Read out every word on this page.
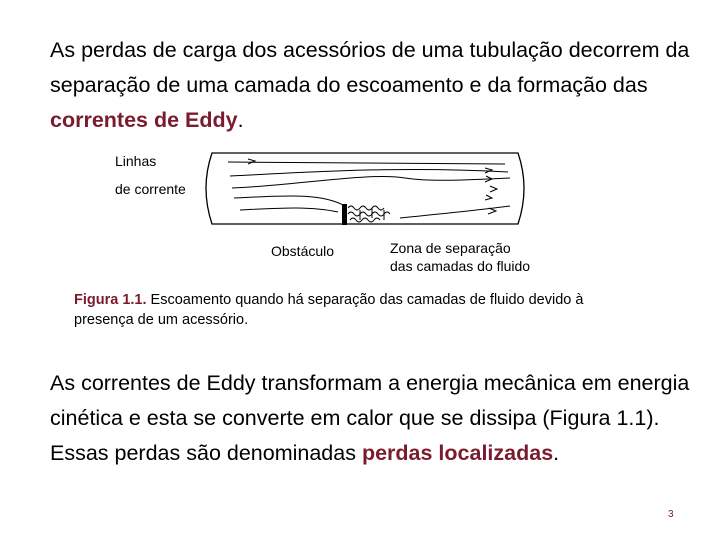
As perdas de carga dos acessórios de uma tubulação decorrem da separação de uma camada do escoamento e da formação das correntes de Eddy.

Linhas
de corrente
Obstáculo	Zona de separação
das camadas do fluido

Figura 1.1. Escoamento quando há separação das camadas de fluido devido à presença de um acessório.

As correntes de Eddy transformam a energia mecânica em energia cinética e esta se converte em calor que se dissipa (Figura 1.1). Essas perdas são denominadas perdas localizadas.

3
